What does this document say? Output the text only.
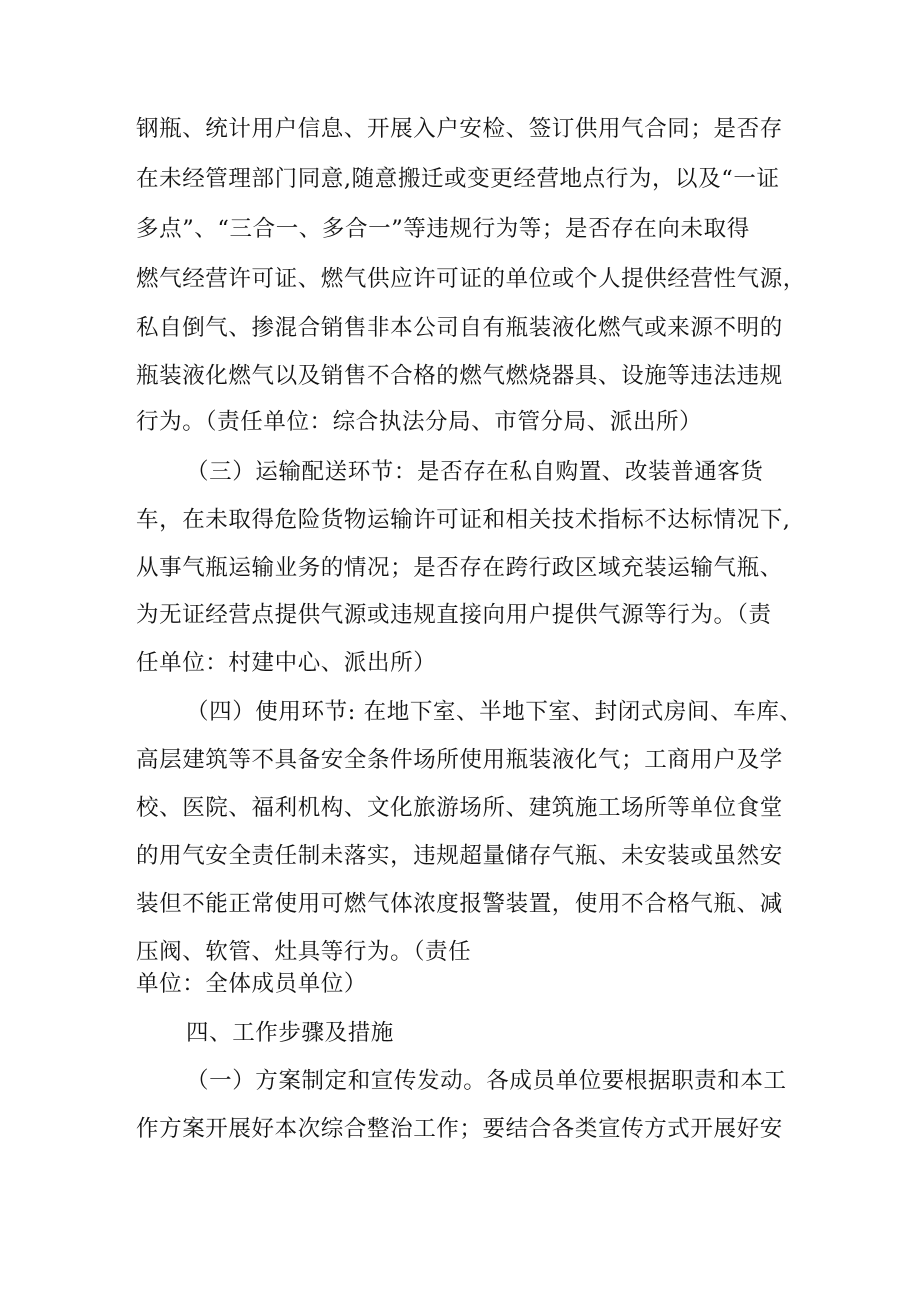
钢瓶、统计用户信息、开展入户安检、签订供用气合同；是否存
在未经管理部门同意,随意搬迁或变更经营地点行为，以及“一证
多点”、“三合一、多合一”等违规行为等；是否存在向未取得
燃气经营许可证、燃气供应许可证的单位或个人提供经营性气源，
私自倒气、掺混合销售非本公司自有瓶装液化燃气或来源不明的
瓶装液化燃气以及销售不合格的燃气燃烧器具、设施等违法违规
行为。（责任单位：综合执法分局、市管分局、派出所）
（三）运输配送环节：是否存在私自购置、改装普通客货
车，在未取得危险货物运输许可证和相关技术指标不达标情况下,
从事气瓶运输业务的情况；是否存在跨行政区域充装运输气瓶、
为无证经营点提供气源或违规直接向用户提供气源等行为。（责
任单位：村建中心、派出所）
（四）使用环节: 在地下室、半地下室、封闭式房间、车库、
高层建筑等不具备安全条件场所使用瓶装液化气；工商用户及学
校、医院、福利机构、文化旅游场所、建筑施工场所等单位食堂
的用气安全责任制未落实，违规超量储存气瓶、未安装或虽然安
装但不能正常使用可燃气体浓度报警装置，使用不合格气瓶、减
压阀、软管、灶具等行为。（责任
单位：全体成员单位）
四、工作步骤及措施
（一）方案制定和宣传发动。各成员单位要根据职责和本工
作方案开展好本次综合整治工作；要结合各类宣传方式开展好安
